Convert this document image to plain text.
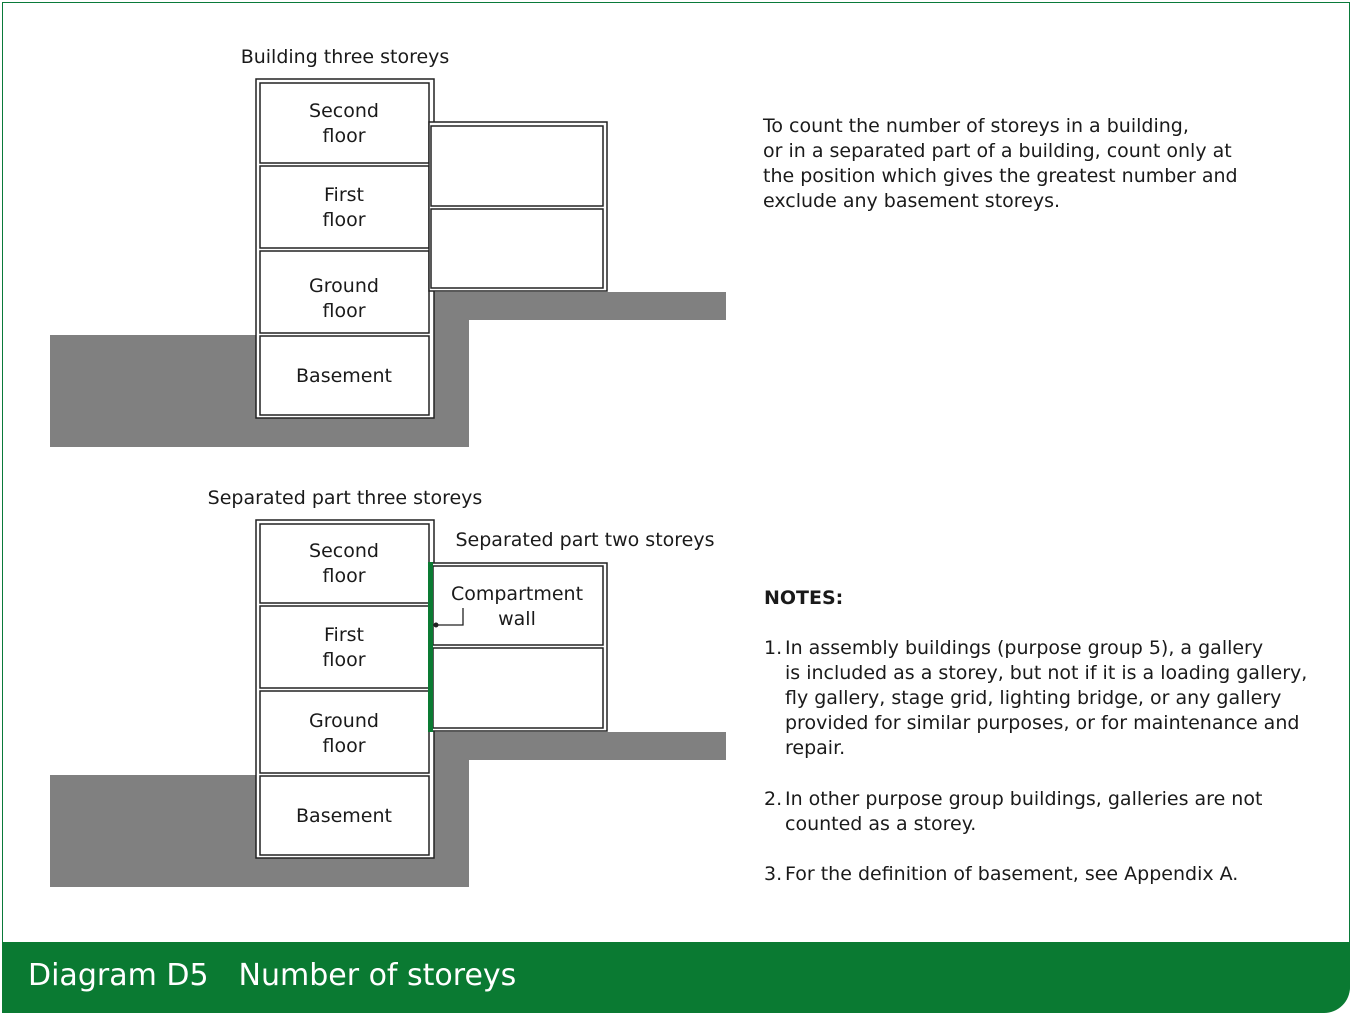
Building three storeys
Second
floor
First
floor
Ground
floor
Basement
Separated part three storeys
Separated part two storeys
Compartment
wall
Second
floor
First
floor
Ground
floor
Basement
To count the number of storeys in a building,
or in a separated part of a building, count only at
the position which gives the greatest number and
exclude any basement storeys.
NOTES:
1. In assembly buildings (purpose group 5), a gallery
is included as a storey, but not if it is a loading gallery,
fly gallery, stage grid, lighting bridge, or any gallery
provided for similar purposes, or for maintenance and
repair.
2. In other purpose group buildings, galleries are not
counted as a storey.
3. For the definition of basement, see Appendix A.
Diagram D5 Number of storeys
